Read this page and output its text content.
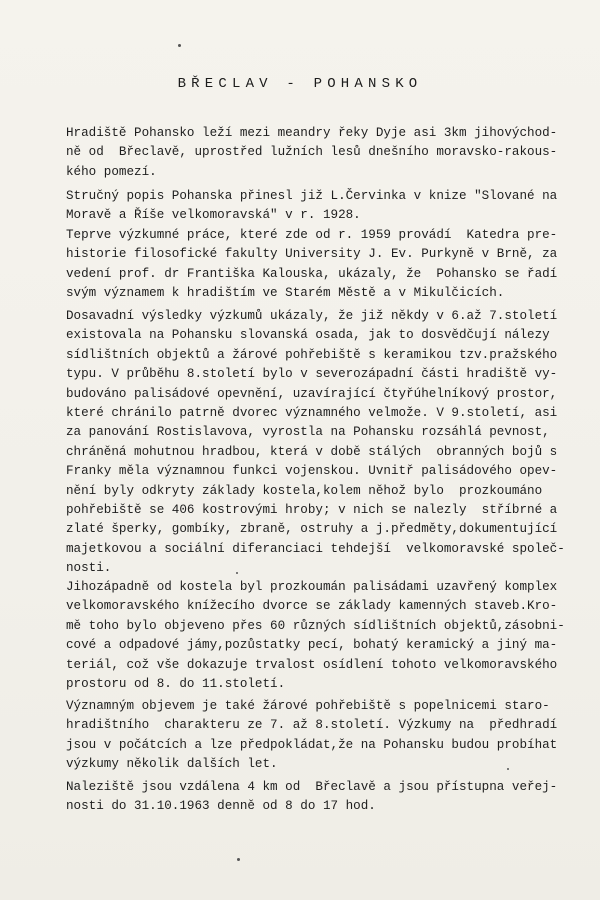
BŘECLAV - POHANSKO
Hradiště Pohansko leží mezi meandry řeky Dyje asi 3km jihovýchod-
ně od  Břeclavě, uprostřed lužních lesů dnešního moravsko-rakous-
kého pomezí.
Stručný popis Pohanska přinesl již L.Červinka v knize "Slované na
Moravě a Říše velkomoravská" v r. 1928.
Teprve výzkumné práce, které zde od r. 1959 provádí  Katedra pre-
historie filosofické fakulty University J. Ev. Purkyně v Brně, za
vedení prof. dr Františka Kalouska, ukázaly, že  Pohansko se řadí
svým významem k hradištím ve Starém Městě a v Mikulčicích.
Dosavadní výsledky výzkumů ukázaly, že již někdy v 6.až 7.století
existovala na Pohansku slovanská osada, jak to dosvědčují nálezy
sídlištních objektů a žárové pohřebiště s keramikou tzv.pražského
typu. V průběhu 8.století bylo v severozápadní části hradiště vy-
budováno palisádové opevnění, uzavírající čtyřúhelníkový prostor,
které chránilo patrně dvorec významného velmože. V 9.století, asi
za panování Rostislavova, vyrostla na Pohansku rozsáhlá pevnost,
chráněná mohutnou hradbou, která v době stálých  obranných bojů s
Franky měla významnou funkci vojenskou. Uvnitř palisádového opev-
nění byly odkryty základy kostela,kolem něhož bylo  prozkoumáno
pohřebiště se 406 kostrovými hroby; v nich se nalezly  stříbrné a
zlaté šperky, gombíky, zbraně, ostruhy a j.předměty,dokumentující
majetkovou a sociální diferanciaci tehdejší  velkomoravské společ-
nosti.
Jihozápadně od kostela byl prozkoumán palisádami uzavřený komplex
velkomoravského knížecího dvorce se základy kamenných staveb.Kro-
mě toho bylo objeveno přes 60 různých sídlištních objektů,zásobni-
cové a odpadové jámy,pozůstatky pecí, bohatý keramický a jiný ma-
teriál, což vše dokazuje trvalost osídlení tohoto velkomoravského
prostoru od 8. do 11.století.
Významným objevem je také žárové pohřebiště s popelnicemi staro-
hradištního  charakteru ze 7. až 8.století. Výzkumy na  předhradí
jsou v počátcích a lze předpokládat,že na Pohansku budou probíhat
výzkumy několik dalších let.
Naleziště jsou vzdálena 4 km od  Břeclavě a jsou přístupna veřej-
nosti do 31.10.1963 denně od 8 do 17 hod.
